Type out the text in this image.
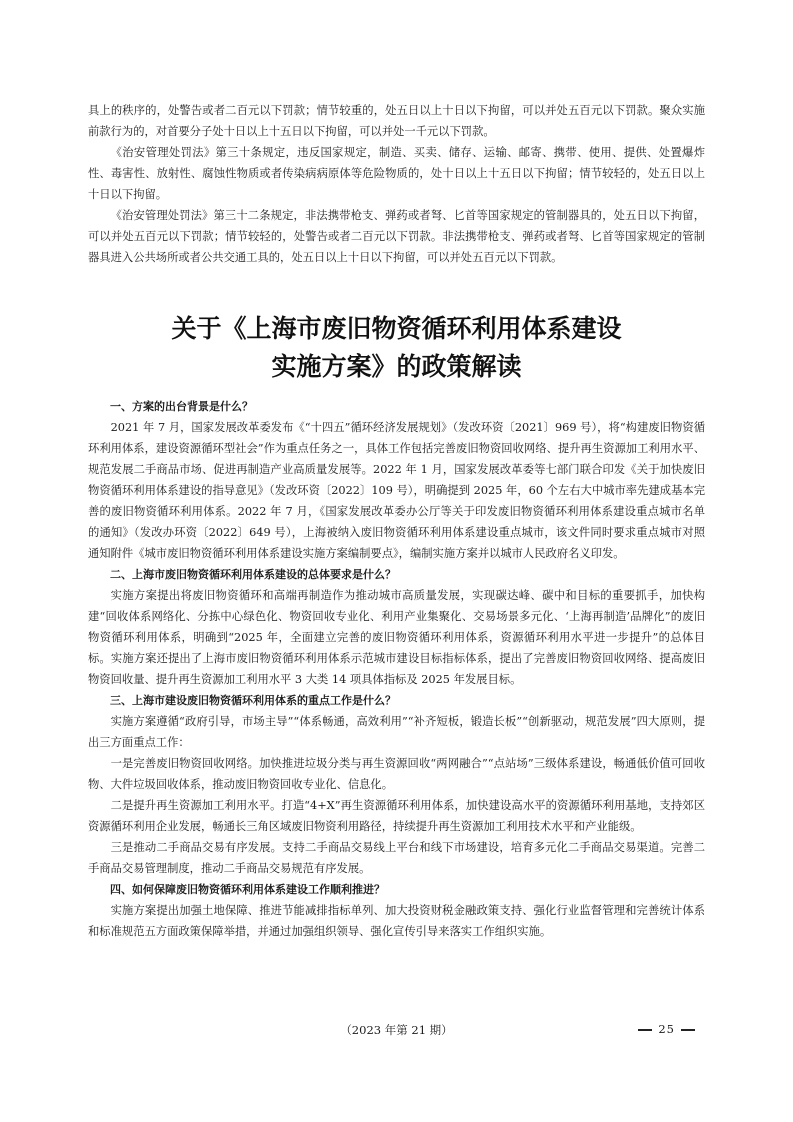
具上的秩序的，处警告或者二百元以下罚款；情节较重的，处五日以上十日以下拘留，可以并处五百元以下罚款。聚众实施前款行为的，对首要分子处十日以上十五日以下拘留，可以并处一千元以下罚款。

《治安管理处罚法》第三十条规定，违反国家规定，制造、买卖、储存、运输、邮寄、携带、使用、提供、处置爆炸性、毒害性、放射性、腐蚀性物质或者传染病病原体等危险物质的，处十日以上十五日以下拘留；情节较轻的，处五日以上十日以下拘留。

《治安管理处罚法》第三十二条规定，非法携带枪支、弹药或者弩、匕首等国家规定的管制器具的，处五日以下拘留，可以并处五百元以下罚款；情节较轻的，处警告或者二百元以下罚款。非法携带枪支、弹药或者弩、匕首等国家规定的管制器具进入公共场所或者公共交通工具的，处五日以上十日以下拘留，可以并处五百元以下罚款。

关于《上海市废旧物资循环利用体系建设
实施方案》的政策解读

一、方案的出台背景是什么？

2021 年 7 月，国家发展改革委发布《“十四五”循环经济发展规划》（发改环资〔2021〕969 号），将“构建废旧物资循环利用体系，建设资源循环型社会”作为重点任务之一，具体工作包括完善废旧物资回收网络、提升再生资源加工利用水平、规范发展二手商品市场、促进再制造产业高质量发展等。2022 年 1 月，国家发展改革委等七部门联合印发《关于加快废旧物资循环利用体系建设的指导意见》（发改环资〔2022〕109 号），明确提到 2025 年，60 个左右大中城市率先建成基本完善的废旧物资循环利用体系。2022 年 7 月，《国家发展改革委办公厅等关于印发废旧物资循环利用体系建设重点城市名单的通知》（发改办环资〔2022〕649 号），上海被纳入废旧物资循环利用体系建设重点城市，该文件同时要求重点城市对照通知附件《城市废旧物资循环利用体系建设实施方案编制要点》，编制实施方案并以城市人民政府名义印发。

二、上海市废旧物资循环利用体系建设的总体要求是什么？

实施方案提出将废旧物资循环和高端再制造作为推动城市高质量发展，实现碳达峰、碳中和目标的重要抓手，加快构建“回收体系网络化、分拣中心绿色化、物资回收专业化、利用产业集聚化、交易场景多元化、‘上海再制造’品牌化”的废旧物资循环利用体系，明确到“2025 年，全面建立完善的废旧物资循环利用体系，资源循环利用水平进一步提升”的总体目标。实施方案还提出了上海市废旧物资循环利用体系示范城市建设目标指标体系，提出了完善废旧物资回收网络、提高废旧物资回收量、提升再生资源加工利用水平 3 大类 14 项具体指标及 2025 年发展目标。

三、上海市建设废旧物资循环利用体系的重点工作是什么？

实施方案遵循“政府引导，市场主导”“体系畅通，高效利用”“补齐短板，锻造长板”“创新驱动，规范发展”四大原则，提出三方面重点工作：

一是完善废旧物资回收网络。加快推进垃圾分类与再生资源回收“两网融合”“点站场”三级体系建设，畅通低价值可回收物、大件垃圾回收体系，推动废旧物资回收专业化、信息化。

二是提升再生资源加工利用水平。打造“4+X”再生资源循环利用体系，加快建设高水平的资源循环利用基地，支持郊区资源循环利用企业发展，畅通长三角区域废旧物资利用路径，持续提升再生资源加工利用技术水平和产业能级。

三是推动二手商品交易有序发展。支持二手商品交易线上平台和线下市场建设，培育多元化二手商品交易渠道。完善二手商品交易管理制度，推动二手商品交易规范有序发展。

四、如何保障废旧物资循环利用体系建设工作顺利推进？

实施方案提出加强土地保障、推进节能减排指标单列、加大投资财税金融政策支持、强化行业监督管理和完善统计体系和标准规范五方面政策保障举措，并通过加强组织领导、强化宣传引导来落实工作组织实施。

（2023 年第 21 期）	25
